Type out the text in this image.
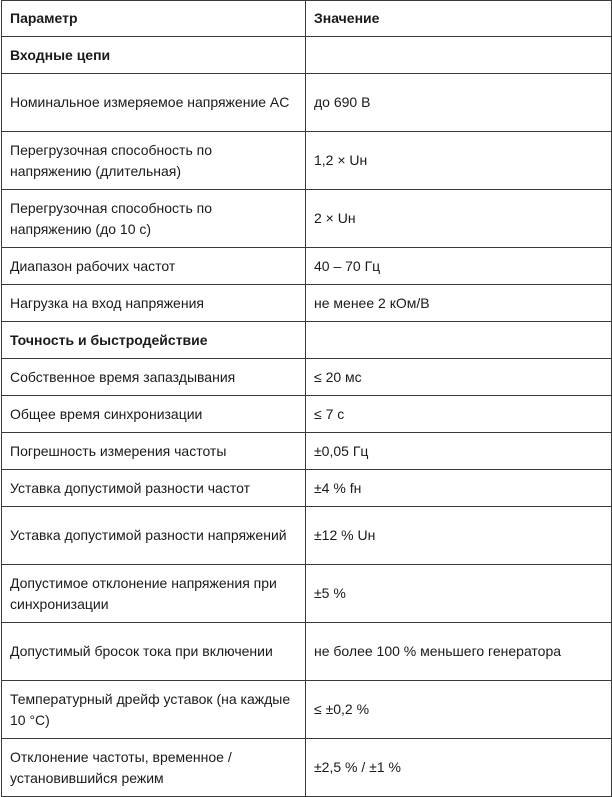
Параметр	Значение
Входные цепи	
Номинальное измеряемое напряжение AC	до 690 В
Перегрузочная способность по напряжению (длительная)	1,2 × Uн
Перегрузочная способность по напряжению (до 10 с)	2 × Uн
Диапазон рабочих частот	40 – 70 Гц
Нагрузка на вход напряжения	не менее 2 кОм/В
Точность и быстродействие	
Собственное время запаздывания	≤ 20 мс
Общее время синхронизации	≤ 7 с
Погрешность измерения частоты	±0,05 Гц
Уставка допустимой разности частот	±4 % fн
Уставка допустимой разности напряжений	±12 % Uн
Допустимое отклонение напряжения при синхронизации	±5 %
Допустимый бросок тока при включении	не более 100 % меньшего генератора
Температурный дрейф уставок (на каждые 10 °C)	≤ ±0,2 %
Отклонение частоты, временное / установившийся режим	±2,5 % / ±1 %
